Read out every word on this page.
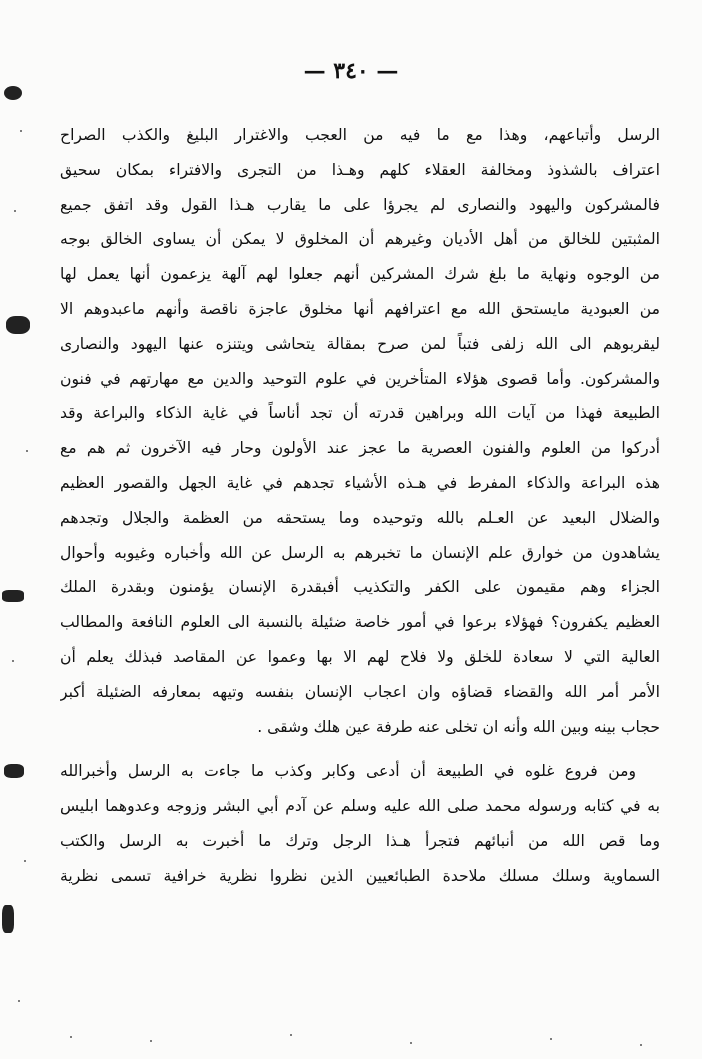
— ٣٤٠ —
الرسل وأتباعهم، وهذا مع ما فيه من العجب والاغترار البليغ والكذب الصراح
اعتراف بالشذوذ ومخالفة العقلاء كلهم وهـذا من التجرى والافتراء بمكان سحيق
فالمشركون واليهود والنصارى لم يجرؤا على ما يقارب هـذا القول وقد اتفق جميع
المثبتين للخالق من أهل الأديان وغيرهم أن المخلوق لا يمكن أن يساوى الخالق بوجه
من الوجوه ونهاية ما بلغ شرك المشركين أنهم جعلوا لهم آلهة يزعمون أنها يعمل لها
من العبودية مايستحق الله مع اعترافهم أنها مخلوق عاجزة ناقصة وأنهم ماعبدوهم الا
ليقربوهم الى الله زلفى فتباً لمن صرح بمقالة يتحاشى ويتنزه عنها اليهود والنصارى
والمشركون. وأما قصوى هؤلاء المتأخرين في علوم التوحيد والدين مع مهارتهم في فنون
الطبيعة فهذا من آيات الله وبراهين قدرته أن تجد أناساً في غاية الذكاء والبراعة وقد
أدركوا من العلوم والفنون العصرية ما عجز عند الأولون وحار فيه الآخرون ثم هم مع
هذه البراعة والذكاء المفرط في هـذه الأشياء تجدهم في غاية الجهل والقصور العظيم
والضلال البعيد عن العـلم بالله وتوحيده وما يستحقه من العظمة والجلال وتجدهم
يشاهدون من خوارق علم الإنسان ما تخبرهم به الرسل عن الله وأخباره وغيوبه وأحوال
الجزاء وهم مقيمون على الكفر والتكذيب أفبقدرة الإنسان يؤمنون وبقدرة الملك
العظيم يكفرون؟ فهؤلاء برعوا في أمور خاصة ضئيلة بالنسبة الى العلوم النافعة والمطالب
العالية التي لا سعادة للخلق ولا فلاح لهم الا بها وعموا عن المقاصد فبذلك يعلم أن
الأمر أمر الله والقضاء قضاؤه وان اعجاب الإنسان بنفسه وتيهه بمعارفه الضئيلة أكبر
حجاب بينه وبين الله وأنه ان تخلى عنه طرفة عين هلك وشقى .
ومن فروع غلوه في الطبيعة أن أدعى وكابر وكذب ما جاءت به الرسل وأخبرالله
به في كتابه ورسوله محمد صلى الله عليه وسلم عن آدم أبي البشر وزوجه وعدوهما ابليس
وما قص الله من أنبائهم فتجرأ هـذا الرجل وترك ما أخبرت به الرسل والكتب
السماوية وسلك مسلك ملاحدة الطبائعيين الذين نظروا نظرية خرافية تسمى نظرية
